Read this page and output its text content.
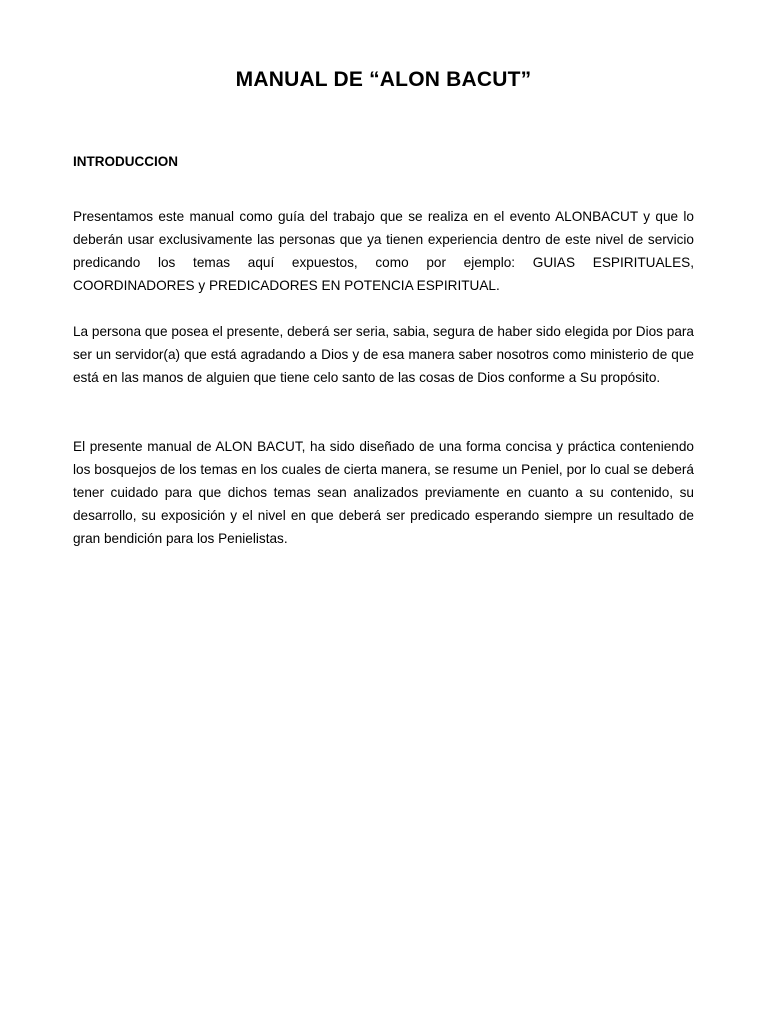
MANUAL DE “ALON BACUT”
INTRODUCCION

Presentamos este manual como guía del trabajo que se realiza en el evento ALONBACUT y que lo deberán usar exclusivamente las personas que ya tienen experiencia dentro de este nivel de servicio predicando los temas aquí expuestos, como por ejemplo: GUIAS ESPIRITUALES, COORDINADORES y PREDICADORES EN POTENCIA ESPIRITUAL.

La persona que posea el presente, deberá ser seria, sabia, segura de haber sido elegida por Dios para ser un servidor(a) que está agradando a Dios y de esa manera saber nosotros como ministerio de que está en las manos de alguien que tiene celo santo de las cosas de Dios conforme a Su propósito.

El presente manual de ALON BACUT, ha sido diseñado de una forma concisa y práctica conteniendo los bosquejos de los temas en los cuales de cierta manera, se resume un Peniel, por lo cual se deberá tener cuidado para que dichos temas sean analizados previamente en cuanto a su contenido, su desarrollo, su exposición y el nivel en que deberá ser predicado esperando siempre un resultado de gran bendición para los Penielistas.
